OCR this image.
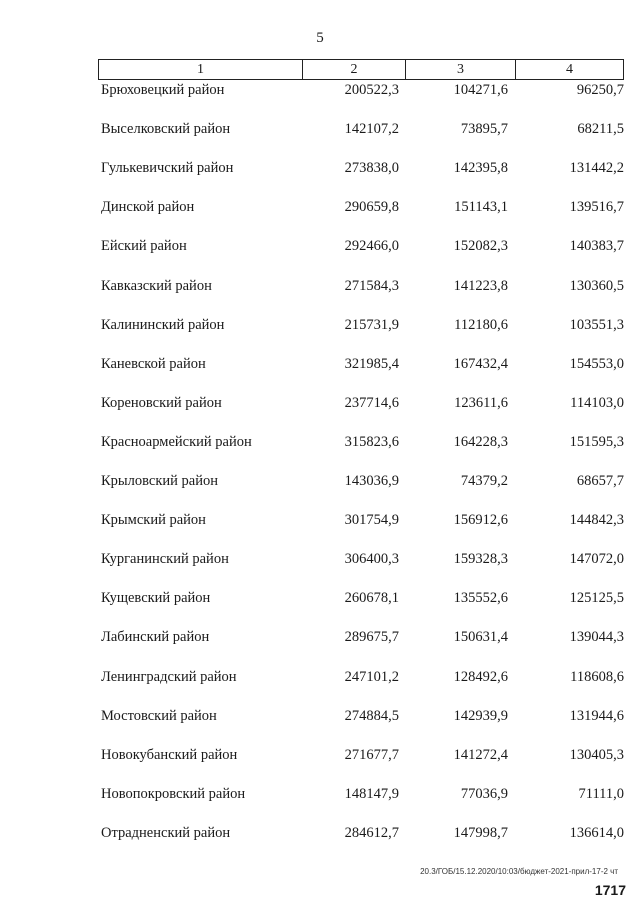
5
1	2	3	4
Брюховецкий район	200522,3	104271,6	96250,7
Выселковский район	142107,2	73895,7	68211,5
Гулькевичский район	273838,0	142395,8	131442,2
Динской район	290659,8	151143,1	139516,7
Ейский район	292466,0	152082,3	140383,7
Кавказский район	271584,3	141223,8	130360,5
Калининский район	215731,9	112180,6	103551,3
Каневской район	321985,4	167432,4	154553,0
Кореновский район	237714,6	123611,6	114103,0
Красноармейский район	315823,6	164228,3	151595,3
Крыловский район	143036,9	74379,2	68657,7
Крымский район	301754,9	156912,6	144842,3
Курганинский район	306400,3	159328,3	147072,0
Кущевский район	260678,1	135552,6	125125,5
Лабинский район	289675,7	150631,4	139044,3
Ленинградский район	247101,2	128492,6	118608,6
Мостовский район	274884,5	142939,9	131944,6
Новокубанский район	271677,7	141272,4	130405,3
Новопокровский район	148147,9	77036,9	71111,0
Отрадненский район	284612,7	147998,7	136614,0
20.3/ГОБ/15.12.2020/10:03/бюджет-2021-прил-17-2 чт
1717
